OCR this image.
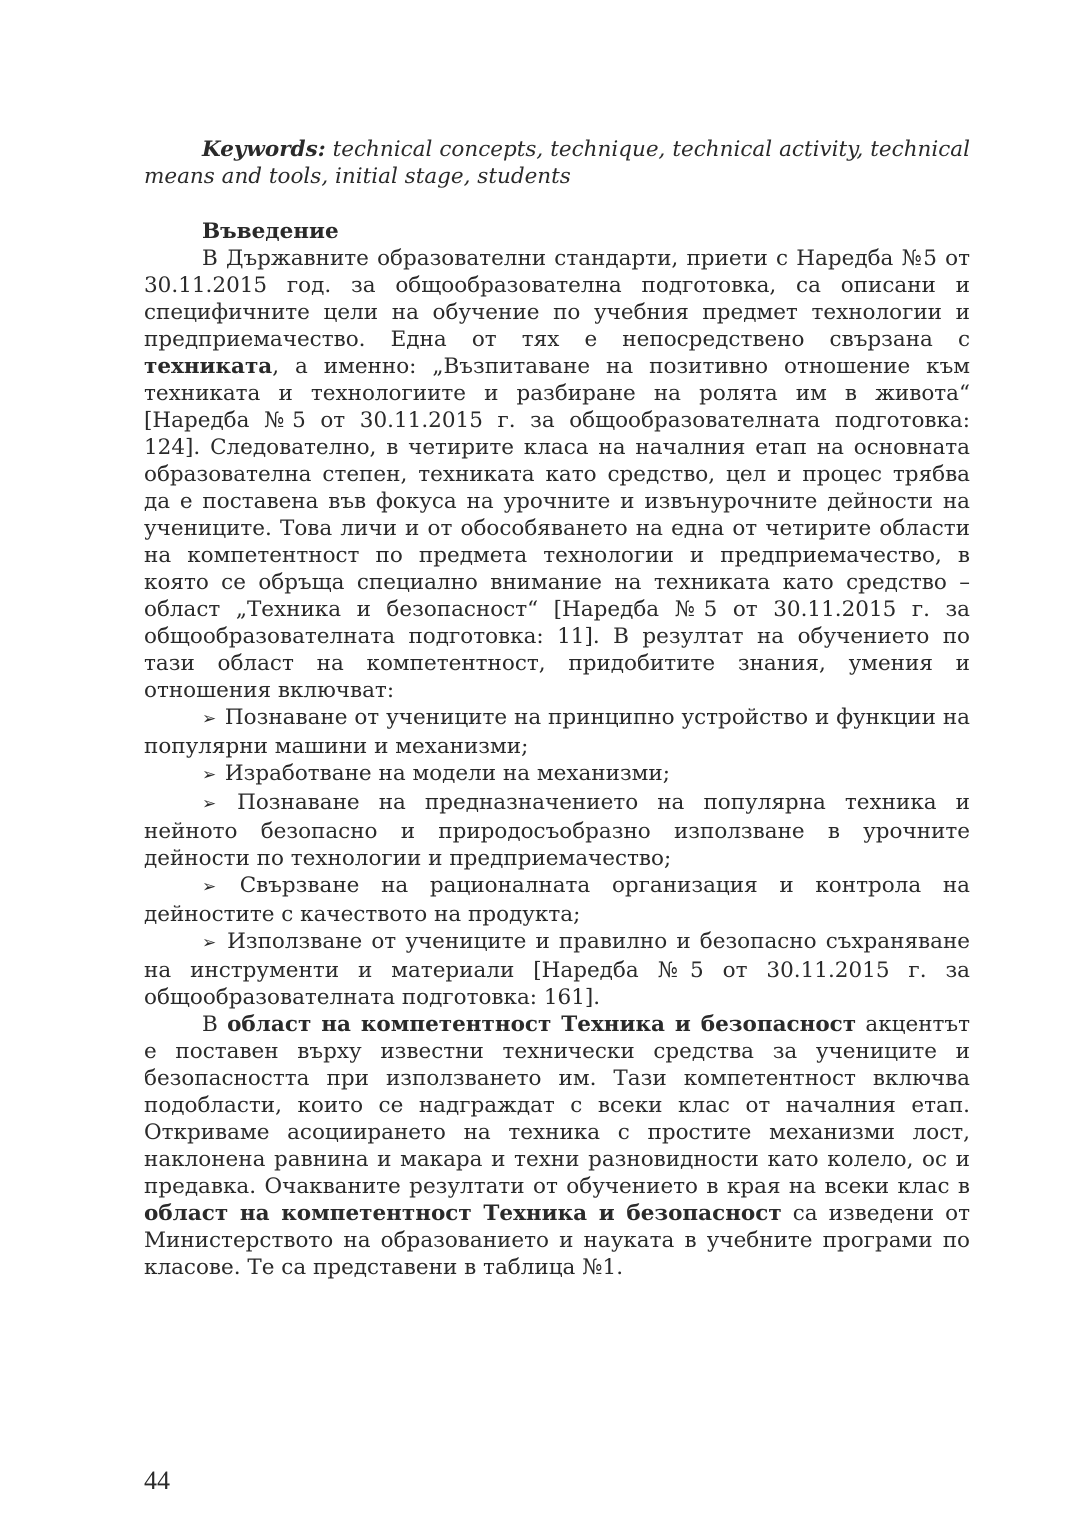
Keywords: technical concepts, technique, technical activity, technical means and tools, initial stage, students

Въведение

В Държавните образователни стандарти, приети с Наредба №5 от 30.11.2015 год. за общообразователна подготовка, са описани и специфичните цели на обучение по учебния предмет технологии и предприемачество. Една от тях е непосредствено свързана с техниката, а именно: „Възпитаване на позитивно отношение към техниката и технологиите и разбиране на ролята им в живота“ [Наредба №5 от 30.11.2015 г. за общообразователната подготовка: 124]. Следователно, в четирите класа на началния етап на основната образователна степен, техниката като средство, цел и процес трябва да е поставена във фокуса на урочните и извънурочните дейности на учениците. Това личи и от обособяването на една от четирите области на компетентност по предмета технологии и предприемачество, в която се обръща специално внимание на техниката като средство – област „Техника и безопасност“ [Наредба №5 от 30.11.2015 г. за общообразователната подготовка: 11]. В резултат на обучението по тази област на компетентност, придобитите знания, умения и отношения включват:

➢ Познаване от учениците на принципно устройство и функции на популярни машини и механизми;
➢ Изработване на модели на механизми;
➢ Познаване на предназначението на популярна техника и нейното безопасно и природосъобразно използване в урочните дейности по технологии и предприемачество;
➢ Свързване на рационалната организация и контрола на дейностите с качеството на продукта;
➢ Използване от учениците и правилно и безопасно съхраняване на инструменти и материали [Наредба №5 от 30.11.2015 г. за общообразователната подготовка: 161].

В област на компетентност Техника и безопасност акцентът е поставен върху известни технически средства за учениците и безопасността при използването им. Тази компетентност включва подобласти, които се надграждат с всеки клас от началния етап. Откриваме асоциирането на техника с простите механизми лост, наклонена равнина и макара и техни разновидности като колело, ос и предавка. Очакваните резултати от обучението в края на всеки клас в област на компетентност Техника и безопасност са изведени от Министерството на образованието и науката в учебните програми по класове. Те са представени в таблица №1.

44
